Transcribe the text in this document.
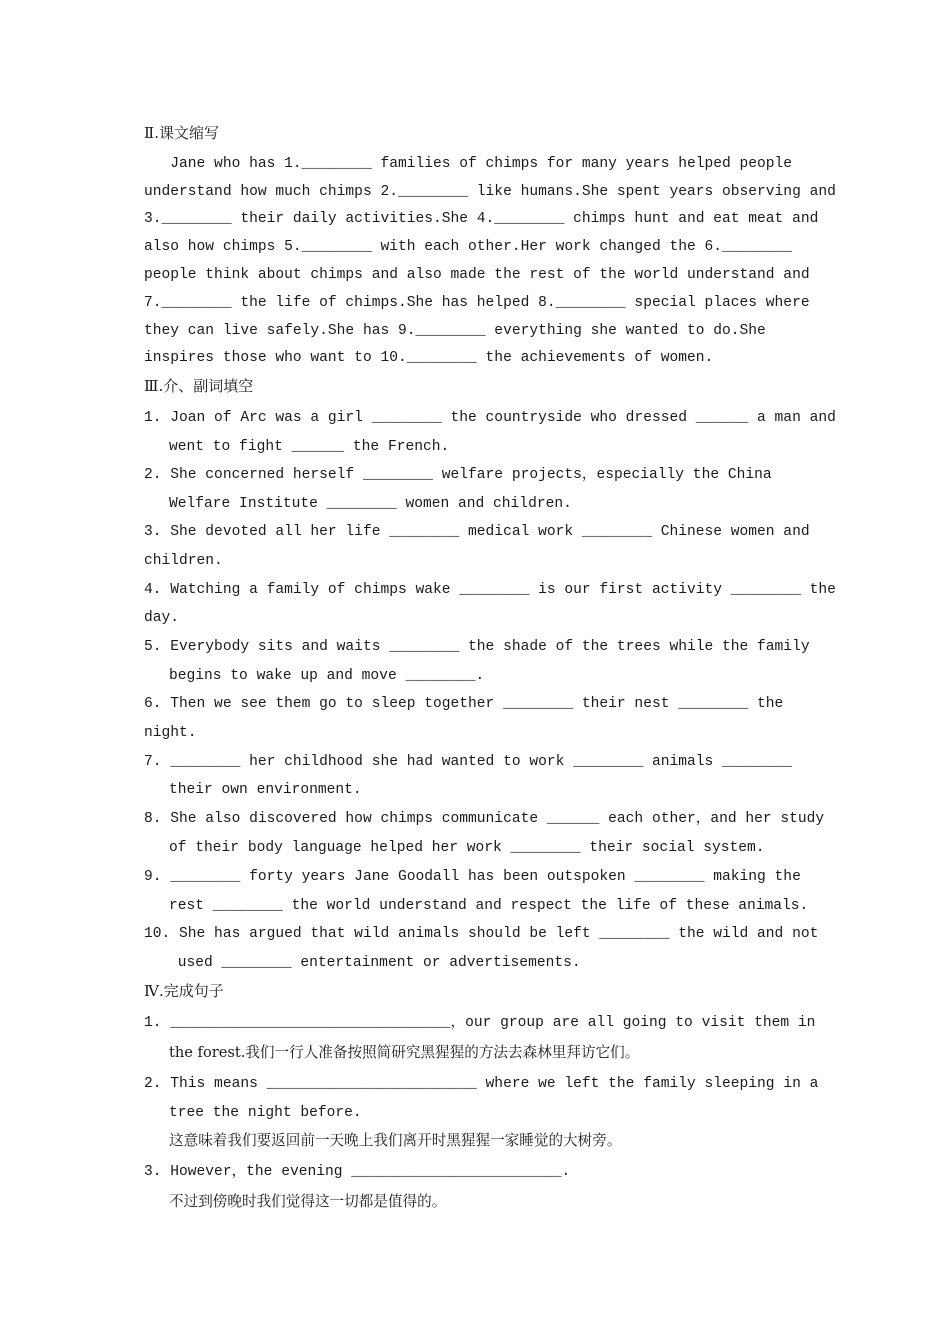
Ⅱ.课文缩写
Jane who has 1.________ families of chimps for many years helped people
understand how much chimps 2.________ like humans.She spent years observing and
3.________ their daily activities.She 4.________ chimps hunt and eat meat and
also how chimps 5.________ with each other.Her work changed the 6.________
people think about chimps and also made the rest of the world understand and
7.________ the life of chimps.She has helped 8.________ special places where
they can live safely.She has 9.________ everything she wanted to do.She
inspires those who want to 10.________ the achievements of women.
Ⅲ.介、副词填空
1. Joan of Arc was a girl ________ the countryside who dressed ______ a man and
went to fight ______ the French.
2. She concerned herself ________ welfare projects，especially the China
Welfare Institute ________ women and children.
3. She devoted all her life ________ medical work ________ Chinese women and
children.
4. Watching a family of chimps wake ________ is our first activity ________ the
day.
5. Everybody sits and waits ________ the shade of the trees while the family
begins to wake up and move ________.
6. Then we see them go to sleep together ________ their nest ________ the
night.
7. ________ her childhood she had wanted to work ________ animals ________
their own environment.
8. She also discovered how chimps communicate ______ each other，and her study
of their body language helped her work ________ their social system.
9. ________ forty years Jane Goodall has been outspoken ________ making the
rest ________ the world understand and respect the life of these animals.
10. She has argued that wild animals should be left ________ the wild and not
used ________ entertainment or advertisements.
Ⅳ.完成句子
1. ________________________________，our group are all going to visit them in
the forest.我们一行人准备按照简研究黑猩猩的方法去森林里拜访它们。
2. This means ________________________ where we left the family sleeping in a
tree the night before.
这意味着我们要返回前一天晚上我们离开时黑猩猩一家睡觉的大树旁。
3. However，the evening ________________________.
不过到傍晚时我们觉得这一切都是值得的。
